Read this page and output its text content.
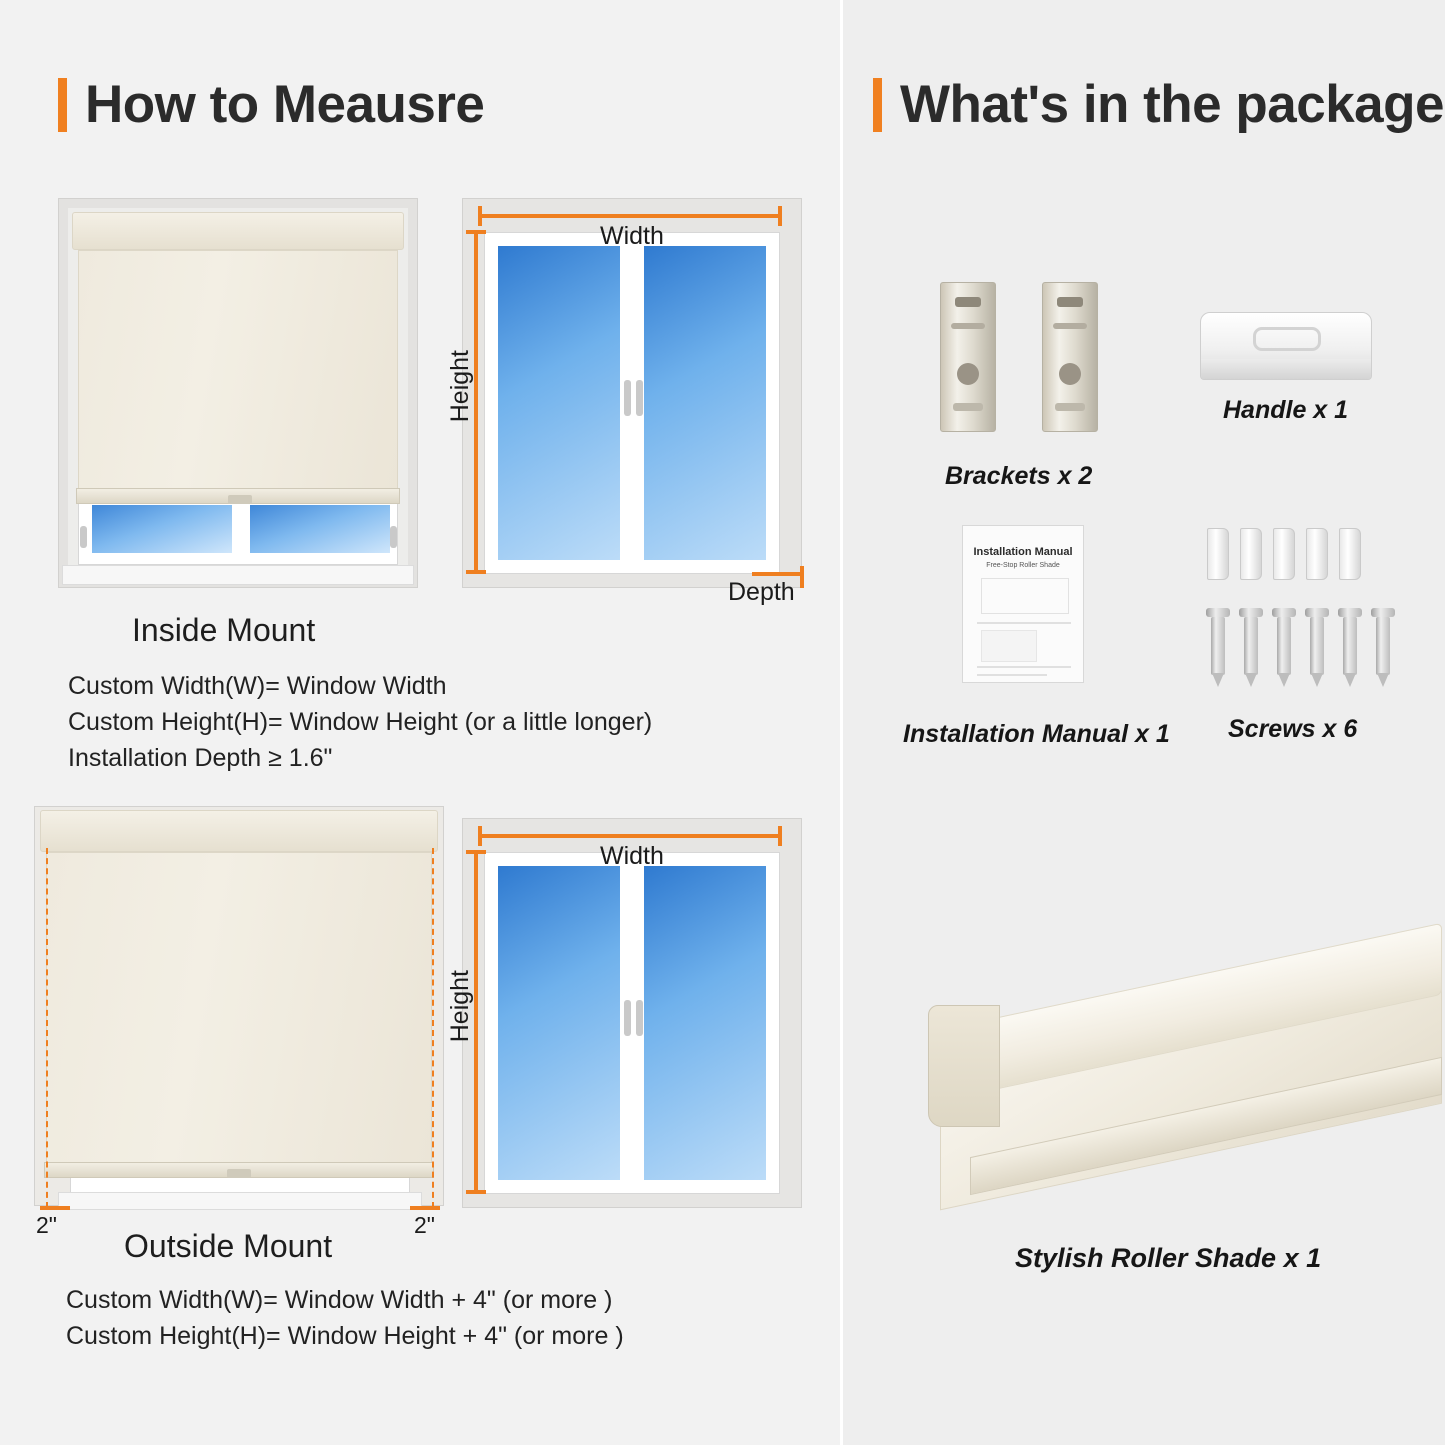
How to Meausre
Width
Height
Depth
Inside Mount
Custom Width(W)= Window Width
Custom Height(H)= Window Height (or a little longer)
Installation Depth ≥ 1.6"
2"	2"
Width
Height
Outside Mount
Custom Width(W)= Window Width + 4" (or more )
Custom Height(H)= Window Height + 4" (or more )
What's in the package
Brackets x 2
Handle x 1
Installation Manual
Free-Stop Roller Shade
Installation Manual x 1 Screws x 6
Stylish Roller Shade x 1
